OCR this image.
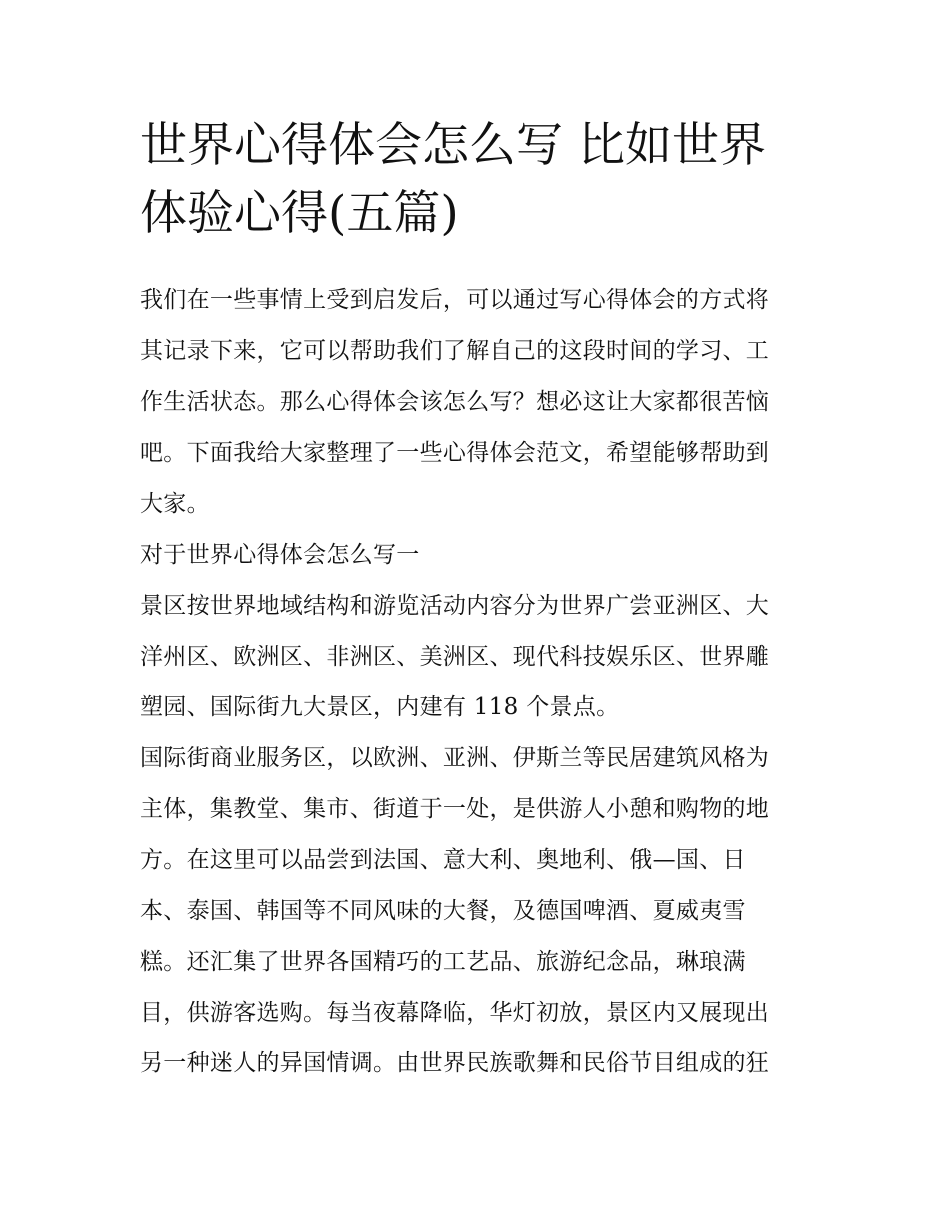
世界心得体会怎么写 比如世界
体验心得(五篇)
我们在一些事情上受到启发后，可以通过写心得体会的方式将
其记录下来，它可以帮助我们了解自己的这段时间的学习、工
作生活状态。那么心得体会该怎么写？想必这让大家都很苦恼
吧。下面我给大家整理了一些心得体会范文，希望能够帮助到
大家。
对于世界心得体会怎么写一
景区按世界地域结构和游览活动内容分为世界广尝亚洲区、大
洋州区、欧洲区、非洲区、美洲区、现代科技娱乐区、世界雕
塑园、国际街九大景区，内建有 118 个景点。
国际街商业服务区，以欧洲、亚洲、伊斯兰等民居建筑风格为
主体，集教堂、集市、街道于一处，是供游人小憩和购物的地
方。在这里可以品尝到法国、意大利、奥地利、俄—国、日
本、泰国、韩国等不同风味的大餐，及德国啤酒、夏威夷雪
糕。还汇集了世界各国精巧的工艺品、旅游纪念品，琳琅满
目，供游客选购。每当夜幕降临，华灯初放，景区内又展现出
另一种迷人的异国情调。由世界民族歌舞和民俗节目组成的狂
